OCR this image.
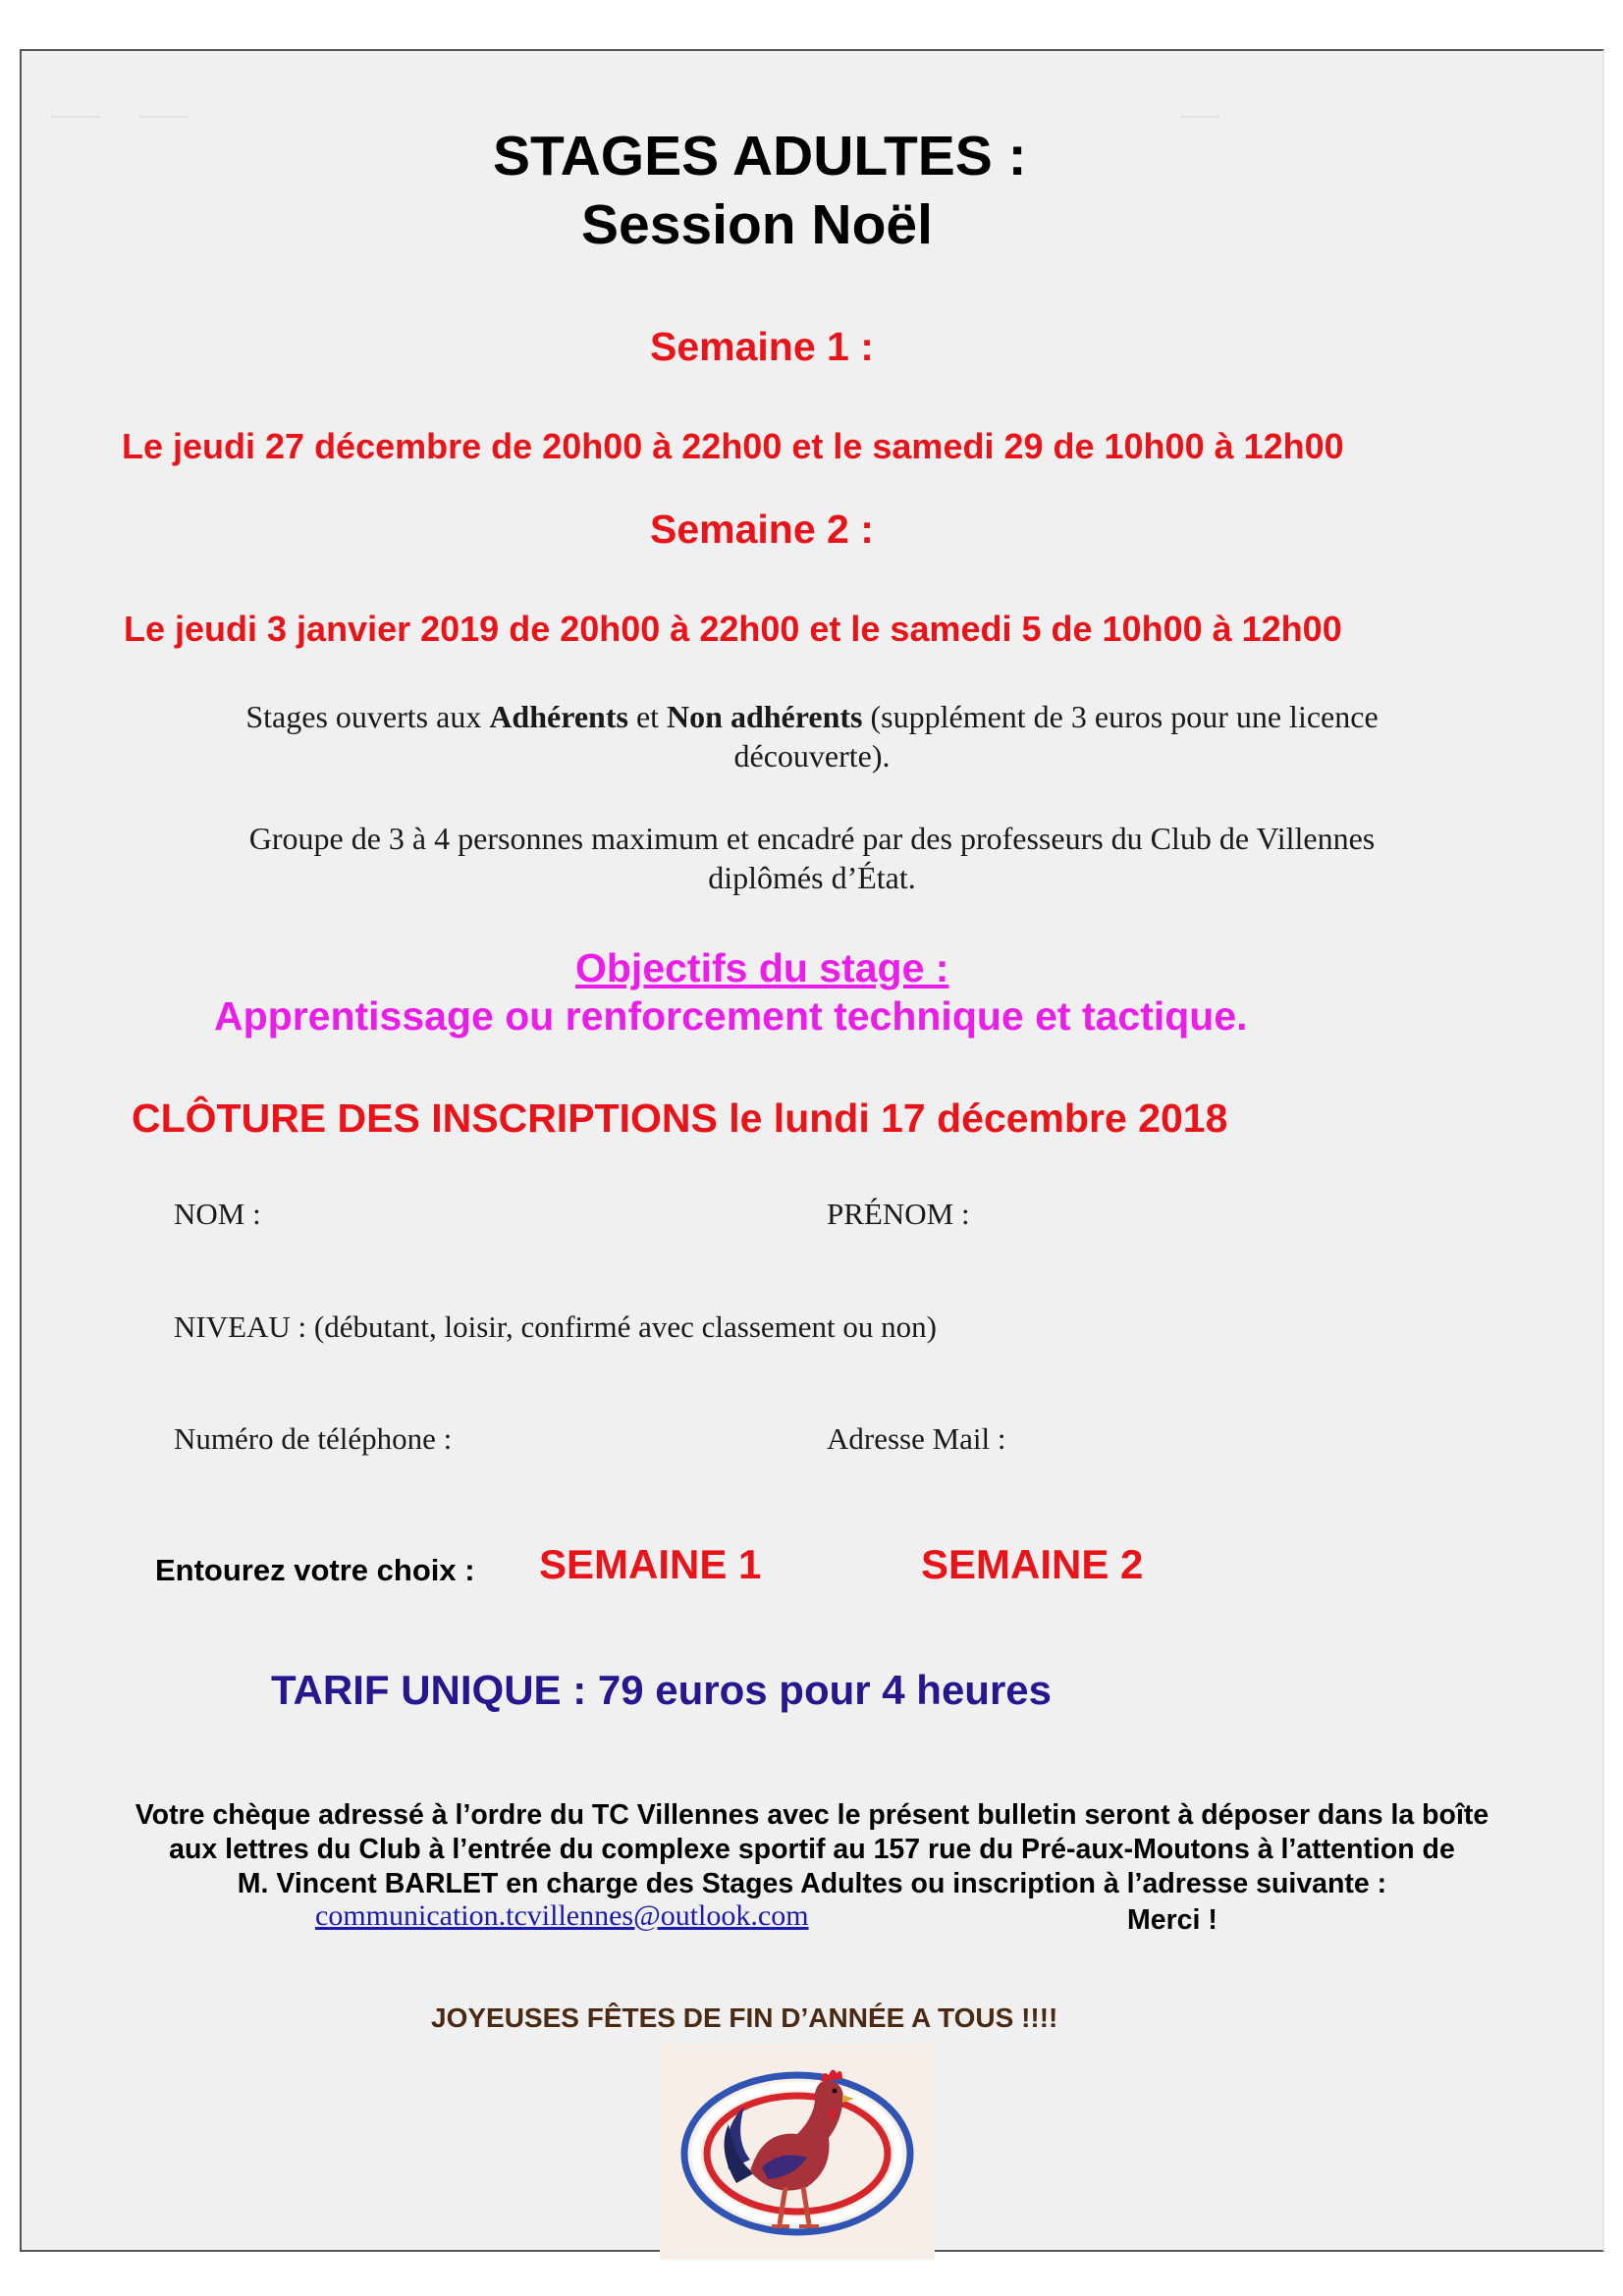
STAGES ADULTES :
Session Noël
Semaine 1 :
Le jeudi 27 décembre de 20h00 à 22h00 et le samedi 29 de 10h00 à 12h00
Semaine 2 :
Le jeudi 3 janvier 2019 de 20h00 à 22h00 et le samedi 5 de 10h00 à 12h00
Stages ouverts aux Adhérents et Non adhérents (supplément de 3 euros pour une licence
découverte).
Groupe de 3 à 4 personnes maximum et encadré par des professeurs du Club de Villennes
diplômés d’État.
Objectifs du stage :
Apprentissage ou renforcement technique et tactique.
CLÔTURE DES INSCRIPTIONS le lundi 17 décembre 2018
NOM :	PRÉNOM :
NIVEAU : (débutant, loisir, confirmé avec classement ou non)
Numéro de téléphone :	Adresse Mail :
Entourez votre choix : SEMAINE 1	SEMAINE 2
TARIF UNIQUE : 79 euros pour 4 heures
Votre chèque adressé à l’ordre du TC Villennes avec le présent bulletin seront à déposer dans la boîte
aux lettres du Club à l’entrée du complexe sportif au 157 rue du Pré-aux-Moutons à l’attention de
M. Vincent BARLET en charge des Stages Adultes ou inscription à l’adresse suivante :
communication.tcvillennes@outlook.com	Merci !
JOYEUSES FÊTES DE FIN D’ANNÉE A TOUS !!!!
